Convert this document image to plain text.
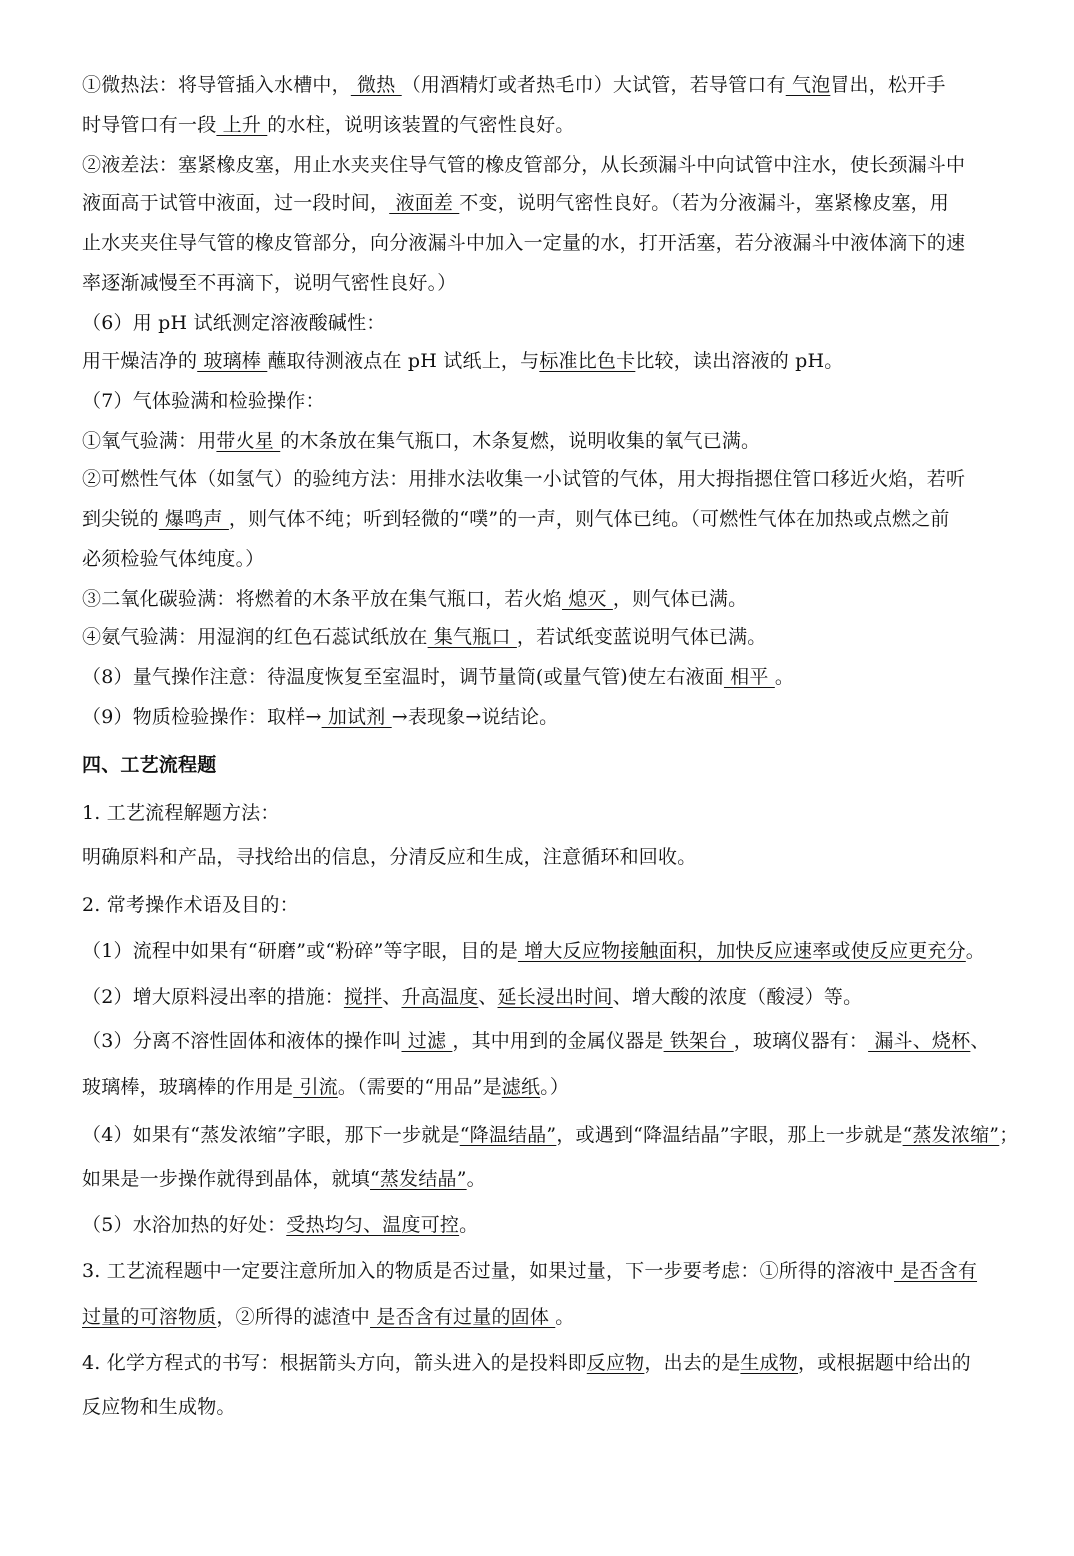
①微热法：将导管插入水槽中， 微热 （用酒精灯或者热毛巾）大试管，若导管口有 气泡冒出，松开手
时导管口有一段 上升 的水柱，说明该装置的气密性良好。
②液差法：塞紧橡皮塞，用止水夹夹住导气管的橡皮管部分，从长颈漏斗中向试管中注水，使长颈漏斗中
液面高于试管中液面，过一段时间， 液面差 不变，说明气密性良好。（若为分液漏斗，塞紧橡皮塞，用
止水夹夹住导气管的橡皮管部分，向分液漏斗中加入一定量的水，打开活塞，若分液漏斗中液体滴下的速
率逐渐减慢至不再滴下，说明气密性良好。）
（6）用 pH 试纸测定溶液酸碱性：
用干燥洁净的 玻璃棒 蘸取待测液点在 pH 试纸上，与标准比色卡比较，读出溶液的 pH。
（7）气体验满和检验操作：
①氧气验满：用带火星 的木条放在集气瓶口，木条复燃，说明收集的氧气已满。
②可燃性气体（如氢气）的验纯方法：用排水法收集一小试管的气体，用大拇指摁住管口移近火焰，若听
到尖锐的 爆鸣声 ，则气体不纯；听到轻微的“噗”的一声，则气体已纯。（可燃性气体在加热或点燃之前
必须检验气体纯度。）
③二氧化碳验满：将燃着的木条平放在集气瓶口，若火焰 熄灭 ，则气体已满。
④氨气验满：用湿润的红色石蕊试纸放在 集气瓶口 ，若试纸变蓝说明气体已满。
（8）量气操作注意：待温度恢复至室温时，调节量筒(或量气管)使左右液面 相平 。
（9）物质检验操作：取样→ 加试剂 →表现象→说结论。
四、工艺流程题
1. 工艺流程解题方法：
明确原料和产品，寻找给出的信息，分清反应和生成，注意循环和回收。
2. 常考操作术语及目的：
（1）流程中如果有“研磨”或“粉碎”等字眼，目的是 增大反应物接触面积，加快反应速率或使反应更充分。
（2）增大原料浸出率的措施：搅拌、升高温度、延长浸出时间、增大酸的浓度（酸浸）等。
（3）分离不溶性固体和液体的操作叫 过滤 ，其中用到的金属仪器是 铁架台 ，玻璃仪器有： 漏斗、烧杯、
玻璃棒，玻璃棒的作用是 引流。（需要的“用品”是滤纸。）
（4）如果有“蒸发浓缩”字眼，那下一步就是“降温结晶”，或遇到“降温结晶”字眼，那上一步就是“蒸发浓缩”；
如果是一步操作就得到晶体，就填“蒸发结晶”。
（5）水浴加热的好处：受热均匀、温度可控。
3. 工艺流程题中一定要注意所加入的物质是否过量，如果过量，下一步要考虑：①所得的溶液中 是否含有
过量的可溶物质，②所得的滤渣中 是否含有过量的固体 。
4. 化学方程式的书写：根据箭头方向，箭头进入的是投料即反应物，出去的是生成物，或根据题中给出的
反应物和生成物。
